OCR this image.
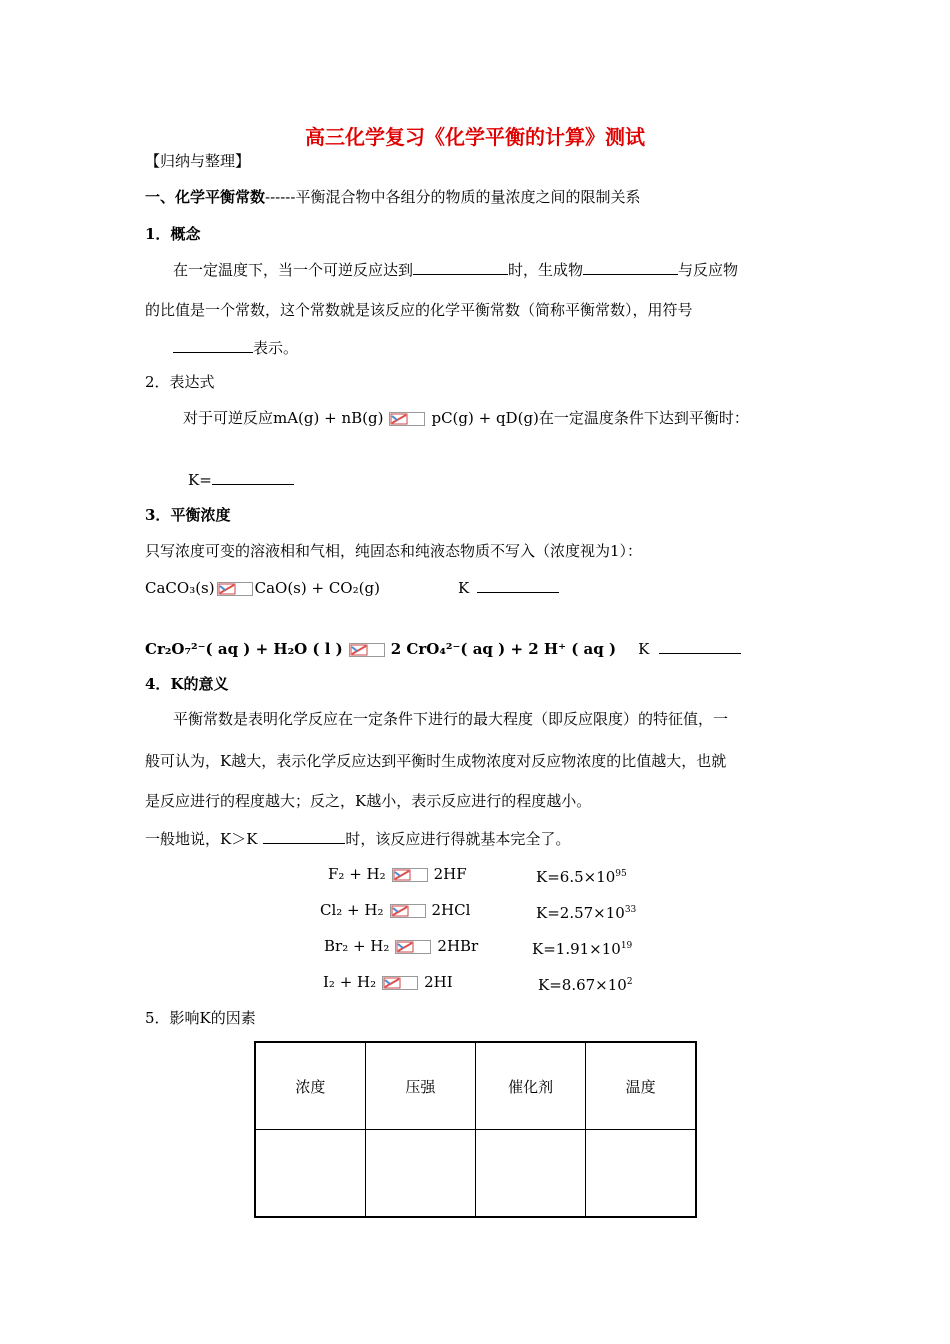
高三化学复习《化学平衡的计算》测试
【归纳与整理】
一、化学平衡常数------平衡混合物中各组分的物质的量浓度之间的限制关系
1．概念
在一定温度下，当一个可逆反应达到	时，生成物	与反应物
的比值是一个常数，这个常数就是该反应的化学平衡常数（简称平衡常数），用符号
表示。
2．表达式
对于可逆反应mA(g) + nB(g)	pC(g) + qD(g)在一定温度条件下达到平衡时：
K=
3．平衡浓度
只写浓度可变的溶液相和气相，纯固态和纯液态物质不写入（浓度视为1）：
CaCO₃(s)	CaO(s) + CO₂(g)	K
Cr₂O₇²⁻( aq ) + H₂O ( l )	2 CrO₄²⁻( aq ) + 2 H⁺ ( aq ) K
4．K的意义
平衡常数是表明化学反应在一定条件下进行的最大程度（即反应限度）的特征值，一
般可认为，K越大，表示化学反应达到平衡时生成物浓度对反应物浓度的比值越大，也就
是反应进行的程度越大；反之，K越小，表示反应进行的程度越小。
一般地说，K＞K	时，该反应进行得就基本完全了。
F₂ + H₂	2HF	$K=6.5\times 10^{95}$
Cl₂ + H₂	2HCl	$K=2.57\times 10^{33}$
Br₂ + H₂	2HBr	$K=1.91\times 10^{19}$
I₂ + H₂	2HI	$K=8.67\times 10^2$
5．影响K的因素
浓度	压强	催化剂	温度
